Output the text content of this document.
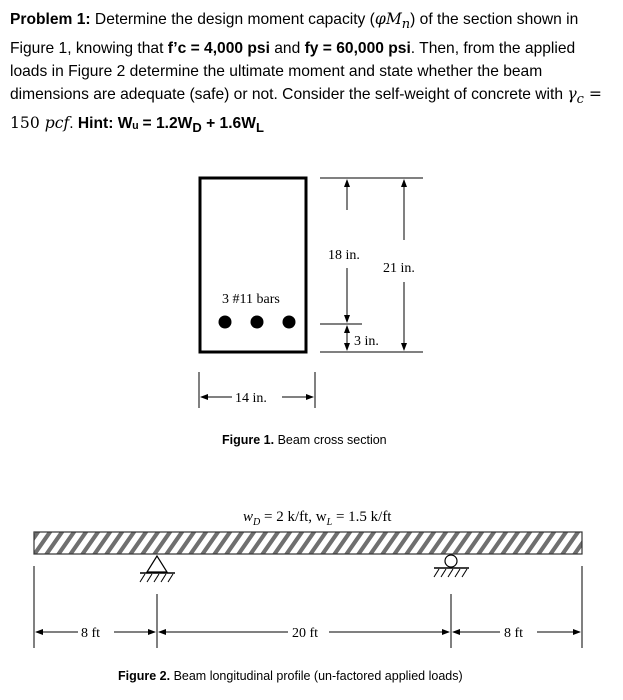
Problem 1: Determine the design moment capacity $(\varphi M_n)$ of the section shown in Figure 1, knowing that f’c = 4,000 psi and fy = 60,000 psi. Then, from the applied loads in Figure 2 determine the ultimate moment and state whether the beam dimensions are adequate (safe) or not. Consider the self-weight of concrete with $\gamma_c = 150$ pcf. Hint: Wᵤ = $1.2W_D + 1.6W_L$

3 #11 bars
18 in.
21 in.
3 in.
14 in.
Figure 1. Beam cross section
$w_D = 2$ k/ft, $w_L = 1.5$ k/ft
8 ft	20 ft	8 ft
Figure 2. Beam longitudinal profile (un-factored applied loads)
